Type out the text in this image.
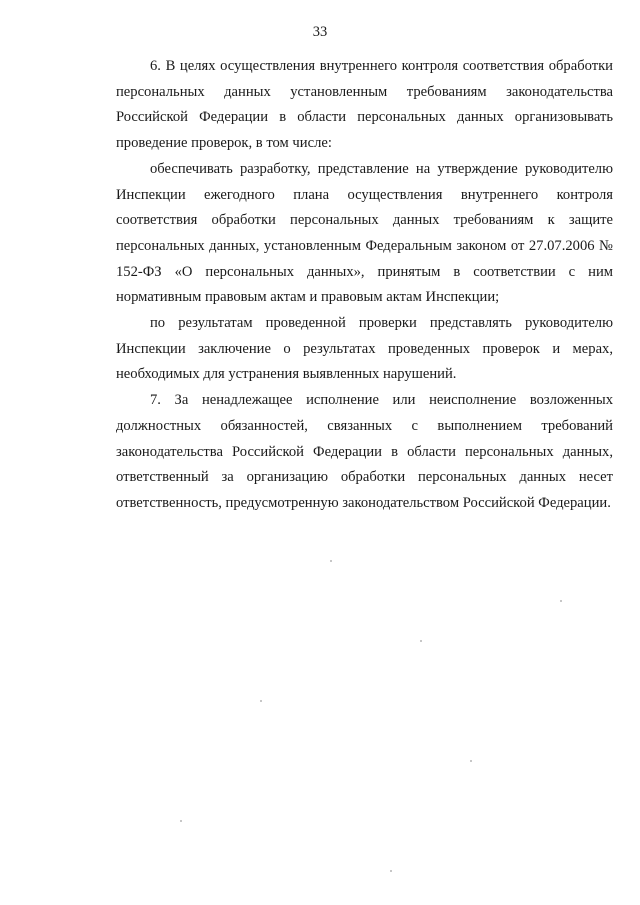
33

6. В целях осуществления внутреннего контроля соответствия обработки персональных данных установленным требованиям законодательства Российской Федерации в области персональных данных организовывать проведение проверок, в том числе:

обеспечивать разработку, представление на утверждение руководителю Инспекции ежегодного плана осуществления внутреннего контроля соответствия обработки персональных данных требованиям к защите персональных данных, установленным Федеральным законом от 27.07.2006 № 152-ФЗ «О персональных данных», принятым в соответствии с ним нормативным правовым актам и правовым актам Инспекции;

по результатам проведенной проверки представлять руководителю Инспекции заключение о результатах проведенных проверок и мерах, необходимых для устранения выявленных нарушений.

7. За ненадлежащее исполнение или неисполнение возложенных должностных обязанностей, связанных с выполнением требований законодательства Российской Федерации в области персональных данных, ответственный за организацию обработки персональных данных несет ответственность, предусмотренную законодательством Российской Федерации.
